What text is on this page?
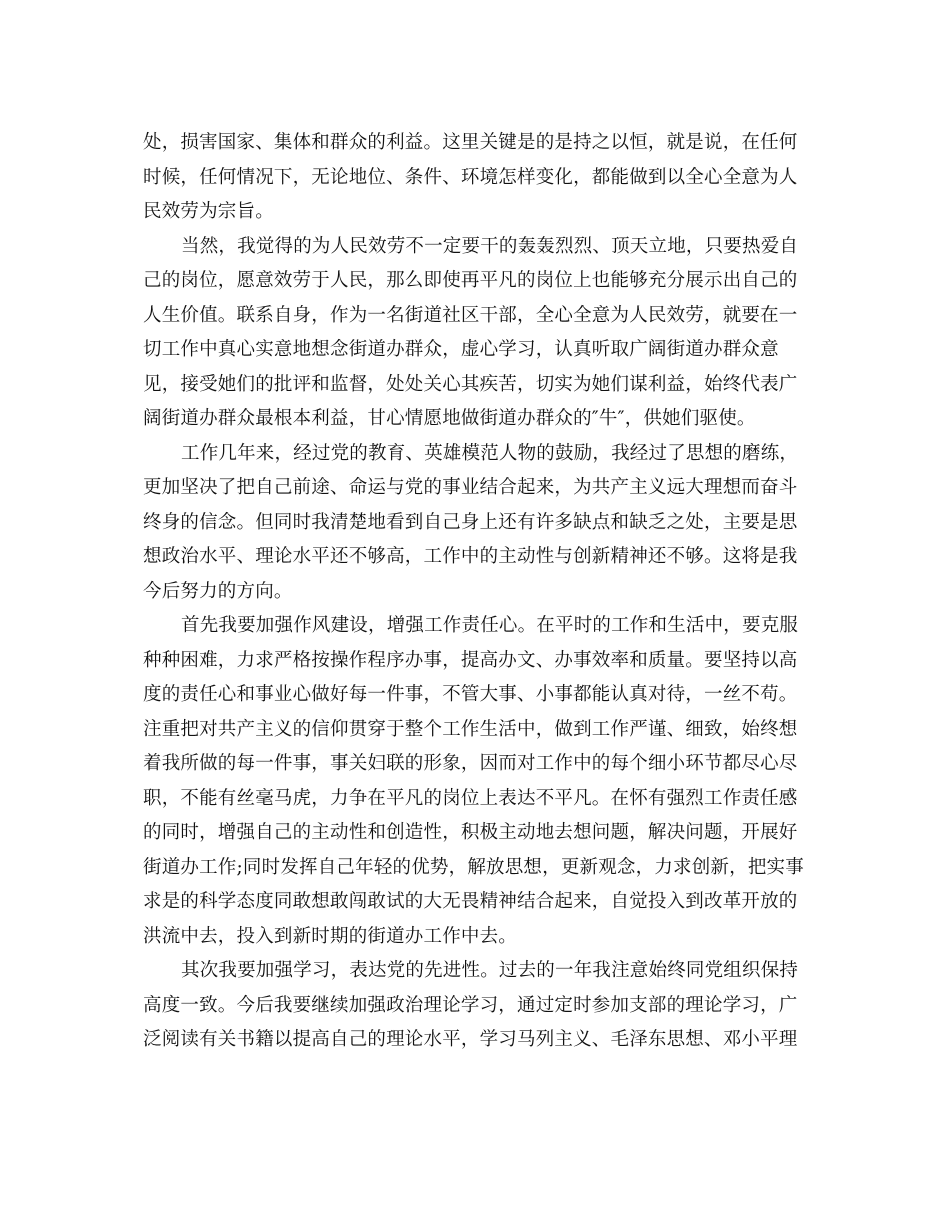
处，损害国家、集体和群众的利益。这里关键是的是持之以恒，就是说，在任何
时候，任何情况下，无论地位、条件、环境怎样变化，都能做到以全心全意为人
民效劳为宗旨。
当然，我觉得的为人民效劳不一定要干的轰轰烈烈、顶天立地，只要热爱自
己的岗位，愿意效劳于人民，那么即使再平凡的岗位上也能够充分展示出自己的
人生价值。联系自身，作为一名街道社区干部，全心全意为人民效劳，就要在一
切工作中真心实意地想念街道办群众，虚心学习，认真听取广阔街道办群众意
见，接受她们的批评和监督，处处关心其疾苦，切实为她们谋利益，始终代表广
阔街道办群众最根本利益，甘心情愿地做街道办群众的″牛″，供她们驱使。
工作几年来，经过党的教育、英雄模范人物的鼓励，我经过了思想的磨练，
更加坚决了把自己前途、命运与党的事业结合起来，为共产主义远大理想而奋斗
终身的信念。但同时我清楚地看到自己身上还有许多缺点和缺乏之处，主要是思
想政治水平、理论水平还不够高，工作中的主动性与创新精神还不够。这将是我
今后努力的方向。
首先我要加强作风建设，增强工作责任心。在平时的工作和生活中，要克服
种种困难，力求严格按操作程序办事，提高办文、办事效率和质量。要坚持以高
度的责任心和事业心做好每一件事，不管大事、小事都能认真对待，一丝不苟。
注重把对共产主义的信仰贯穿于整个工作生活中，做到工作严谨、细致，始终想
着我所做的每一件事，事关妇联的形象，因而对工作中的每个细小环节都尽心尽
职，不能有丝毫马虎，力争在平凡的岗位上表达不平凡。在怀有强烈工作责任感
的同时，增强自己的主动性和创造性，积极主动地去想问题，解决问题，开展好
街道办工作;同时发挥自己年轻的优势，解放思想，更新观念，力求创新，把实事
求是的科学态度同敢想敢闯敢试的大无畏精神结合起来，自觉投入到改革开放的
洪流中去，投入到新时期的街道办工作中去。
其次我要加强学习，表达党的先进性。过去的一年我注意始终同党组织保持
高度一致。今后我要继续加强政治理论学习，通过定时参加支部的理论学习，广
泛阅读有关书籍以提高自己的理论水平，学习马列主义、毛泽东思想、邓小平理
